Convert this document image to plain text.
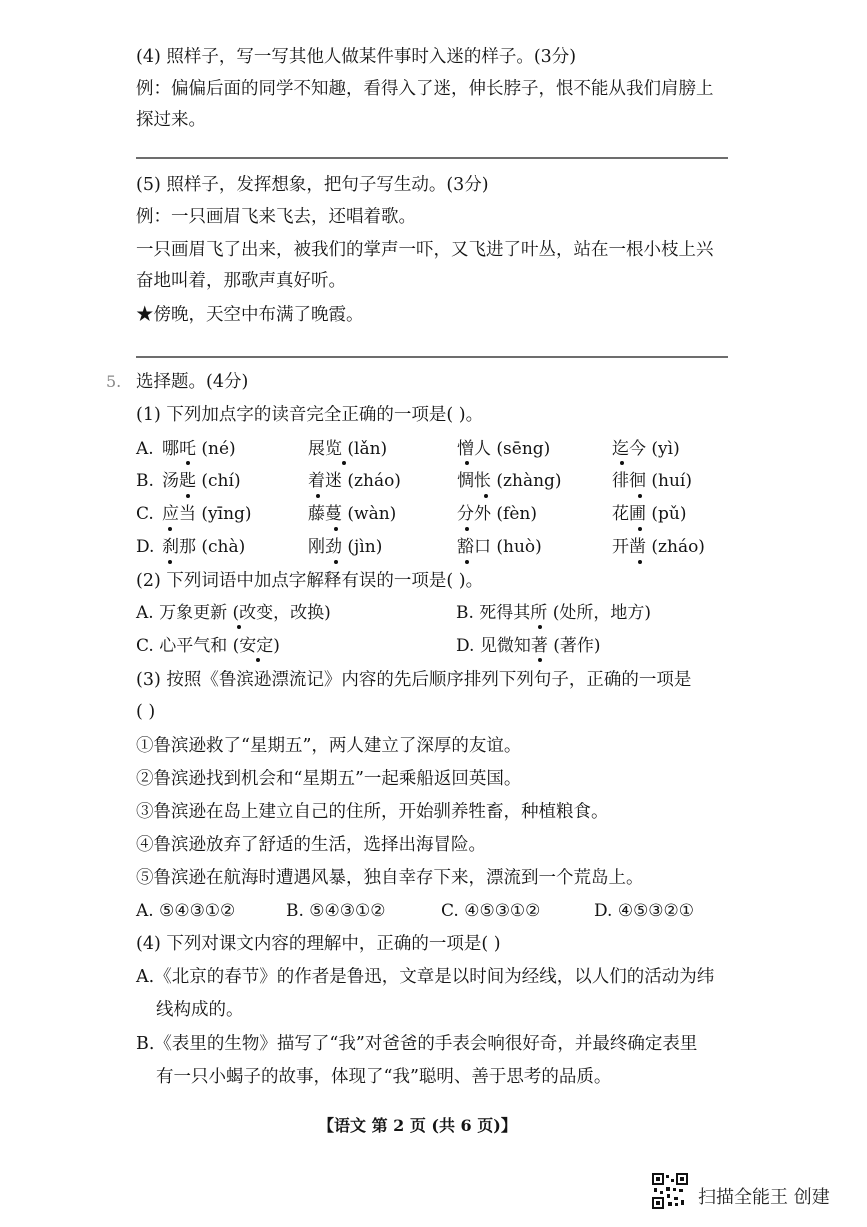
(4) 照样子，写一写其他人做某件事时入迷的样子。(3分)
例：偏偏后面的同学不知趣，看得入了迷，伸长脖子，恨不能从我们肩膀上
探过来。
(5) 照样子，发挥想象，把句子写生动。(3分)
例：一只画眉飞来飞去，还唱着歌。
一只画眉飞了出来，被我们的掌声一吓，又飞进了叶丛，站在一根小枝上兴
奋地叫着，那歌声真好听。
★傍晚，天空中布满了晚霞。
5. 选择题。(4分)
(1) 下列加点字的读音完全正确的一项是( )。
A. 哪吒 (né)	展览 (lǎn)	憎人 (sēng)	迄今 (yì)
B. 汤匙 (chí)	着迷 (zháo)	惆怅 (zhàng)	徘徊 (huí)
C. 应当 (yīng)	藤蔓 (wàn)	分外 (fèn)	花圃 (pǔ)
D. 刹那 (chà)	刚劲 (jìn)	豁口 (huò)	开凿 (zháo)
(2) 下列词语中加点字解释有误的一项是( )。
A. 万象更新 (改变，改换)	B. 死得其所 (处所，地方)
C. 心平气和 (安定)	D. 见微知著 (著作)
(3) 按照《鲁滨逊漂流记》内容的先后顺序排列下列句子，正确的一项是
( )
①鲁滨逊救了“星期五”，两人建立了深厚的友谊。
②鲁滨逊找到机会和“星期五”一起乘船返回英国。
③鲁滨逊在岛上建立自己的住所，开始驯养牲畜，种植粮食。
④鲁滨逊放弃了舒适的生活，选择出海冒险。
⑤鲁滨逊在航海时遭遇风暴，独自幸存下来，漂流到一个荒岛上。
A. ⑤④③①②	B. ⑤④③①②	C. ④⑤③①②	D. ④⑤③②①
(4) 下列对课文内容的理解中，正确的一项是( )
A.《北京的春节》的作者是鲁迅，文章是以时间为经线，以人们的活动为纬
线构成的。
B.《表里的生物》描写了“我”对爸爸的手表会响很好奇，并最终确定表里
有一只小蝎子的故事，体现了“我”聪明、善于思考的品质。
【语文 第 2 页 (共 6 页)】
扫描全能王 创建
